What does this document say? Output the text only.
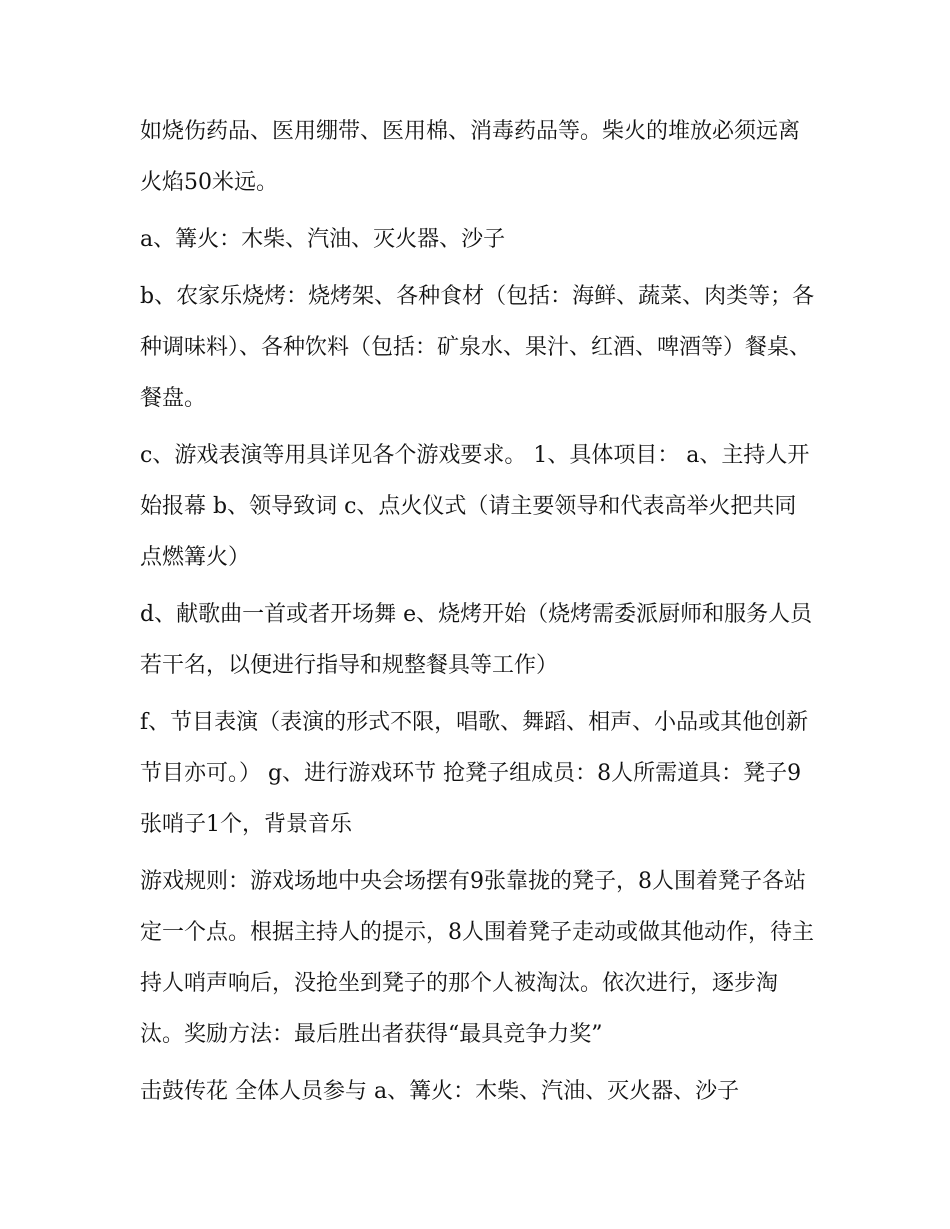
如烧伤药品、医用绷带、医用棉、消毒药品等。柴火的堆放必须远离火焰50米远。

a、篝火：木柴、汽油、灭火器、沙子

b、农家乐烧烤：烧烤架、各种食材（包括：海鲜、蔬菜、肉类等；各种调味料）、各种饮料（包括：矿泉水、果汁、红酒、啤酒等）餐桌、餐盘。

c、游戏表演等用具详见各个游戏要求。 1、具体项目： a、主持人开始报幕 b、领导致词 c、点火仪式（请主要领导和代表高举火把共同点燃篝火）

d、献歌曲一首或者开场舞 e、烧烤开始（烧烤需委派厨师和服务人员若干名，以便进行指导和规整餐具等工作）

f、节目表演（表演的形式不限，唱歌、舞蹈、相声、小品或其他创新节目亦可。） g、进行游戏环节 抢凳子组成员：8人所需道具：凳子9张哨子1个，背景音乐

游戏规则：游戏场地中央会场摆有9张靠拢的凳子，8人围着凳子各站定一个点。根据主持人的提示，8人围着凳子走动或做其他动作，待主持人哨声响后，没抢坐到凳子的那个人被淘汰。依次进行，逐步淘汰。奖励方法：最后胜出者获得“最具竞争力奖”

击鼓传花 全体人员参与 a、篝火：木柴、汽油、灭火器、沙子
